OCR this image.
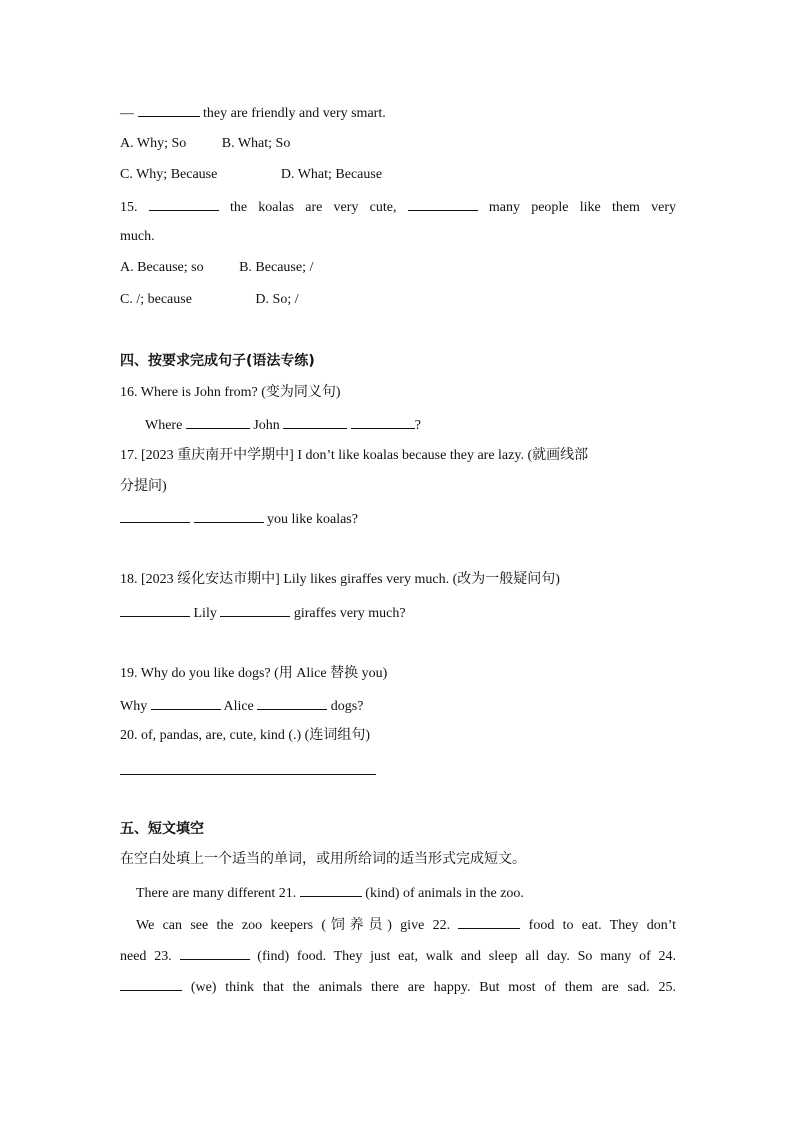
—	they are friendly and very smart.
A. Why; So	B. What; So
C. Why; Because	D. What; Because
15.	the koalas are very cute,	many people like them very
much.
A. Because; so	B. Because; /
C. /; because	D. So; /
四、按要求完成句子(语法专练)
16. Where is John from? (变为同义句)
Where	John	?
17. [2023 重庆南开中学期中] I don’t like koalas because they are lazy. (就画线部
分提问)
you like koalas?
18. [2023 绥化安达市期中] Lily likes giraffes very much. (改为一般疑问句)
Lily	giraffes very much?
19. Why do you like dogs? (用 Alice 替换 you)
Why	Alice	dogs?
20. of, pandas, are, cute, kind (.) (连词组句)
五、短文填空
在空白处填上一个适当的单词，或用所给词的适当形式完成短文。
There are many different 21.	(kind) of animals in the zoo.
We can see the zoo keepers (饲养员) give 22.	food to eat. They don’t
need 23.	(find) food. They just eat, walk and sleep all day. So many of 24.
(we) think that the animals there are happy. But most of them are sad. 25.
